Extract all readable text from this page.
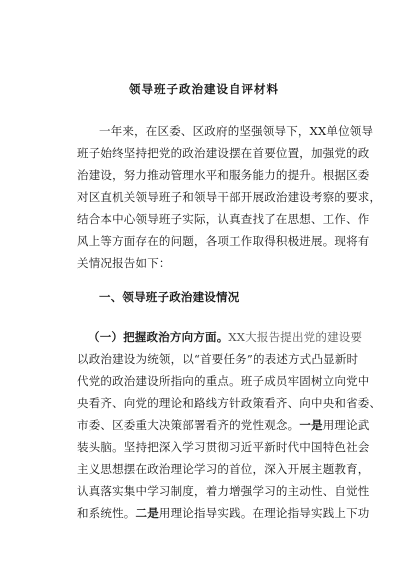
领导班子政治建设自评材料
一年来，在区委、区政府的坚强领导下，XX单位领导
班子始终坚持把党的政治建设摆在首要位置，加强党的政
治建设，努力推动管理水平和服务能力的提升。根据区委
对区直机关领导班子和领导干部开展政治建设考察的要求，
结合本中心领导班子实际，认真查找了在思想、工作、作
风上等方面存在的问题，各项工作取得积极进展。现将有
关情况报告如下：
一、领导班子政治建设情况
（一）把握政治方向方面。XX大报告提出党的建设要
以政治建设为统领，以“首要任务”的表述方式凸显新时
代党的政治建设所指向的重点。班子成员牢固树立向党中
央看齐、向党的理论和路线方针政策看齐、向中央和省委、
市委、区委重大决策部署看齐的党性观念。一是用理论武
装头脑。坚持把深入学习贯彻习近平新时代中国特色社会
主义思想摆在政治理论学习的首位，深入开展主题教育，
认真落实集中学习制度，着力增强学习的主动性、自觉性
和系统性。二是用理论指导实践。在理论指导实践上下功
